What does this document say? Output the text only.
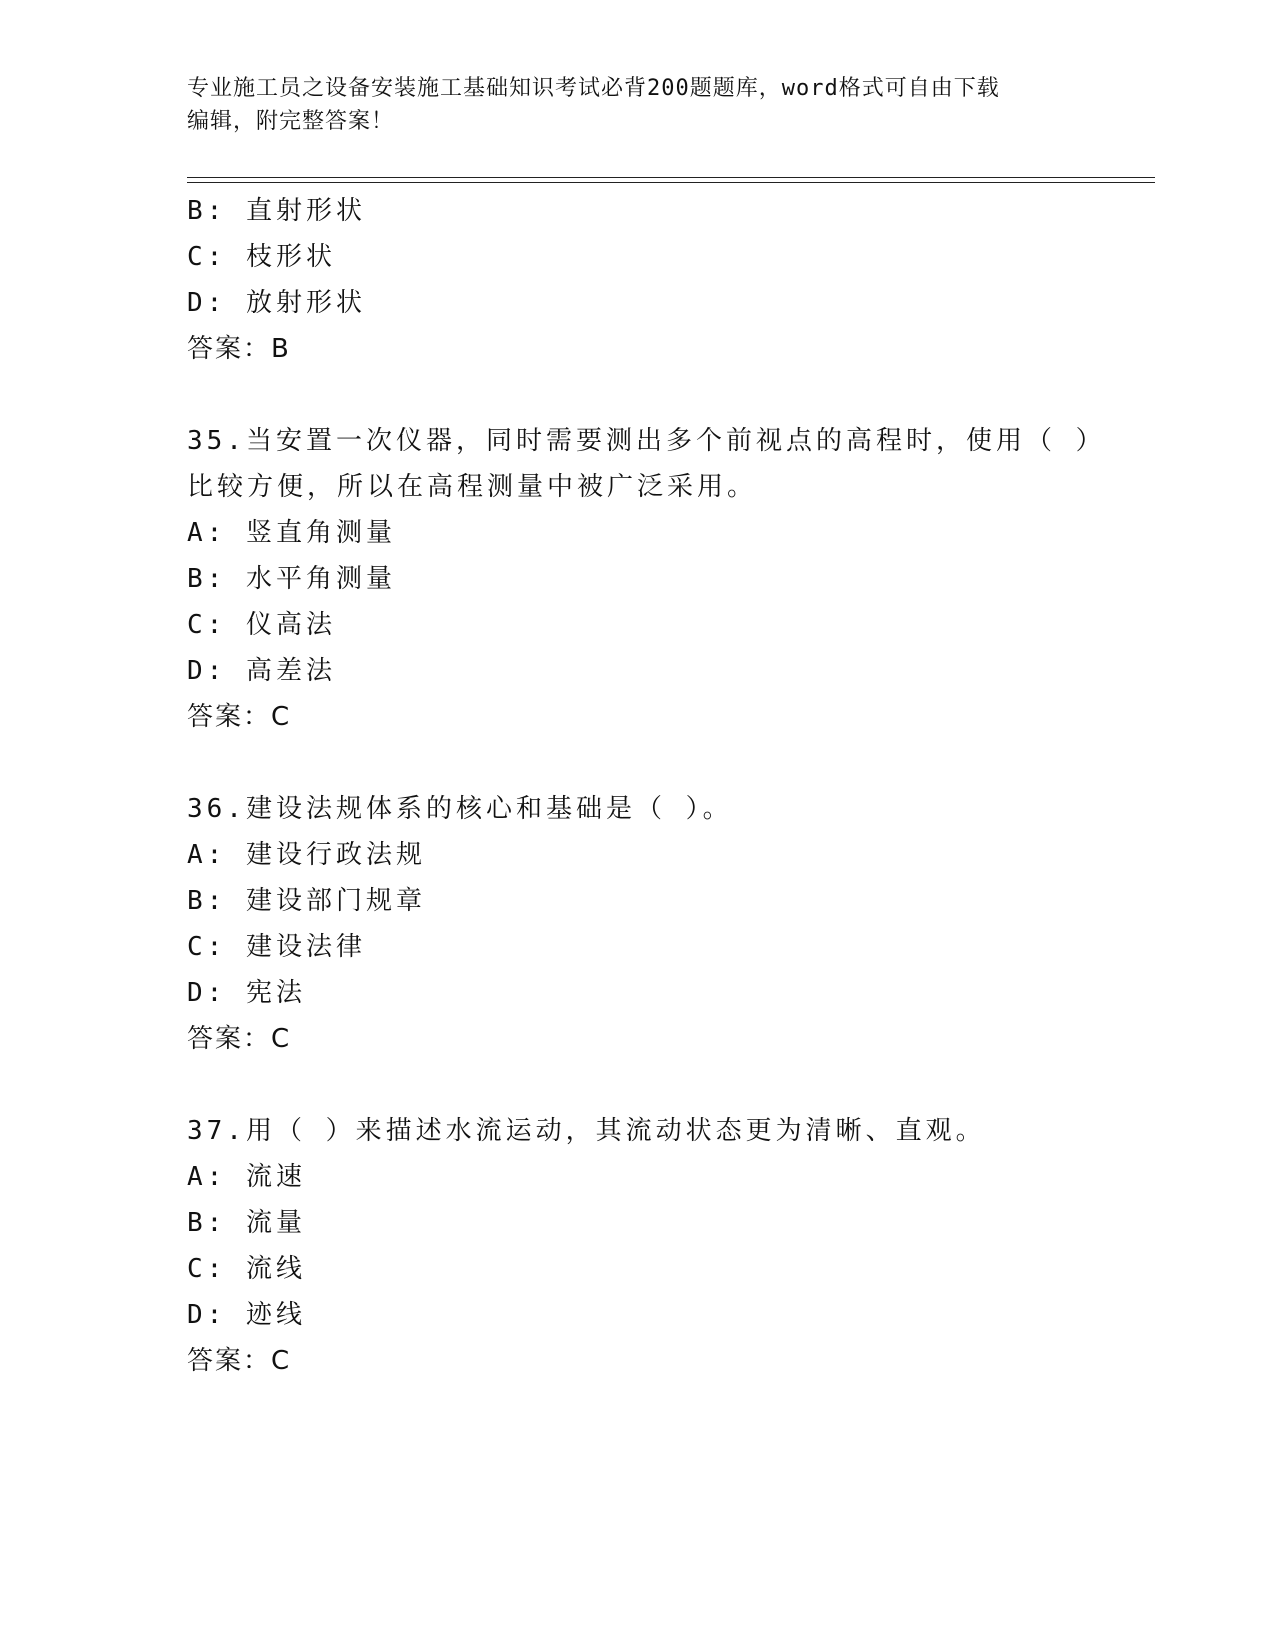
专业施工员之设备安装施工基础知识考试必背200题题库，word格式可自由下载
编辑，附完整答案！
B: 直射形状
C: 枝形状
D: 放射形状
答案：B
35.当安置一次仪器，同时需要测出多个前视点的高程时，使用（ ）
比较方便，所以在高程测量中被广泛采用。
A: 竖直角测量
B: 水平角测量
C: 仪高法
D: 高差法
答案：C
36.建设法规体系的核心和基础是（ ）。
A: 建设行政法规
B: 建设部门规章
C: 建设法律
D: 宪法
答案：C
37.用（ ）来描述水流运动，其流动状态更为清晰、直观。
A: 流速
B: 流量
C: 流线
D: 迹线
答案：C
